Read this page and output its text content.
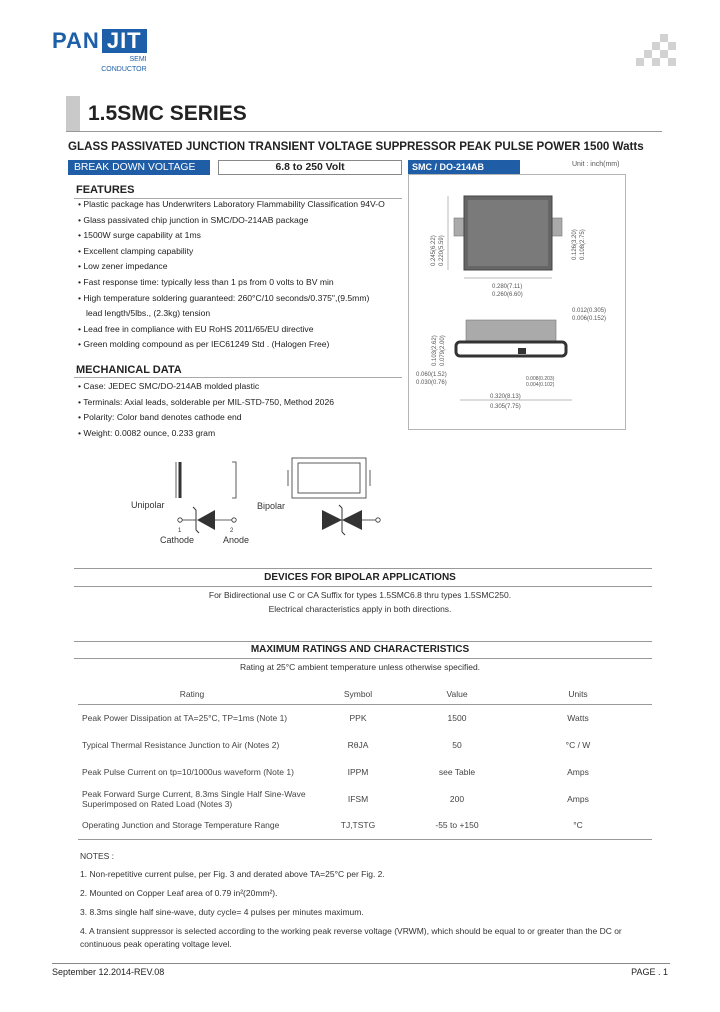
PAN JIT
SEMI
CONDUCTOR
1.5SMC SERIES
GLASS PASSIVATED JUNCTION TRANSIENT VOLTAGE SUPPRESSOR PEAK PULSE POWER 1500 Watts
BREAK DOWN VOLTAGE	6.8 to 250 Volt	SMC / DO-214AB	Unit : inch(mm)
0.245(6.22) 0.220(5.59)	0.126(3.20) 0.108(2.75)
0.280(7.11)
0.260(6.60)
0.012(0.305)
0.006(0.152)
0.103(2.62) 0.079(2.00)
0.060(1.52)
0.030(0.76)
0.008(0.203)
0.004(0.102)
0.320(8.13)
0.305(7.75)
FEATURES
• Plastic package has Underwriters Laboratory Flammability Classification 94V-O
• Glass passivated chip junction in SMC/DO-214AB package
• 1500W surge capability at 1ms
• Excellent clamping capability
• Low zener impedance
• Fast response time: typically less than 1 ps from 0 volts to BV min
• High temperature soldering guaranteed: 260°C/10 seconds/0.375",(9.5mm)
lead length/5lbs., (2.3kg) tension
• Lead free in compliance with EU RoHS 2011/65/EU directive
• Green molding compound as per IEC61249 Std . (Halogen Free)
MECHANICAL DATA
• Case: JEDEC SMC/DO-214AB molded plastic
• Terminals: Axial leads, solderable per MIL-STD-750, Method 2026
• Polarity: Color band denotes cathode end
• Weight: 0.0082 ounce, 0.233 gram
Unipolar
1	2
Cathode	Anode
Bipolar
DEVICES FOR BIPOLAR APPLICATIONS
For Bidirectional use C or CA Suffix for types 1.5SMC6.8 thru types 1.5SMC250.
Electrical characteristics apply in both directions.
MAXIMUM RATINGS AND CHARACTERISTICS
Rating at 25°C ambient temperature unless otherwise specified.
Rating	Symbol	Value	Units
Peak Power Dissipation at TA=25°C, TP=1ms (Note 1)	PPK	1500	Watts
Typical Thermal Resistance Junction to Air (Notes 2)	RθJA	50	°C / W
Peak Pulse Current on tp=10/1000us waveform (Note 1)	IPPM	see Table	Amps
Peak Forward Surge Current, 8.3ms Single Half Sine-Wave
Superimposed on Rated Load (Notes 3)	IFSM	200	Amps
Operating Junction and Storage Temperature Range	TJ,TSTG	-55 to +150	°C
NOTES :
1. Non-repetitive current pulse, per Fig. 3 and derated above TA=25°C per Fig. 2.
2. Mounted on Copper Leaf area of 0.79 in²(20mm²).
3. 8.3ms single half sine-wave, duty cycle= 4 pulses per minutes maximum.
4. A transient suppressor is selected according to the working peak reverse voltage (VRWM), which should be equal to or greater than the DC or continuous peak operating voltage level.
September 12.2014-REV.08	PAGE . 1
